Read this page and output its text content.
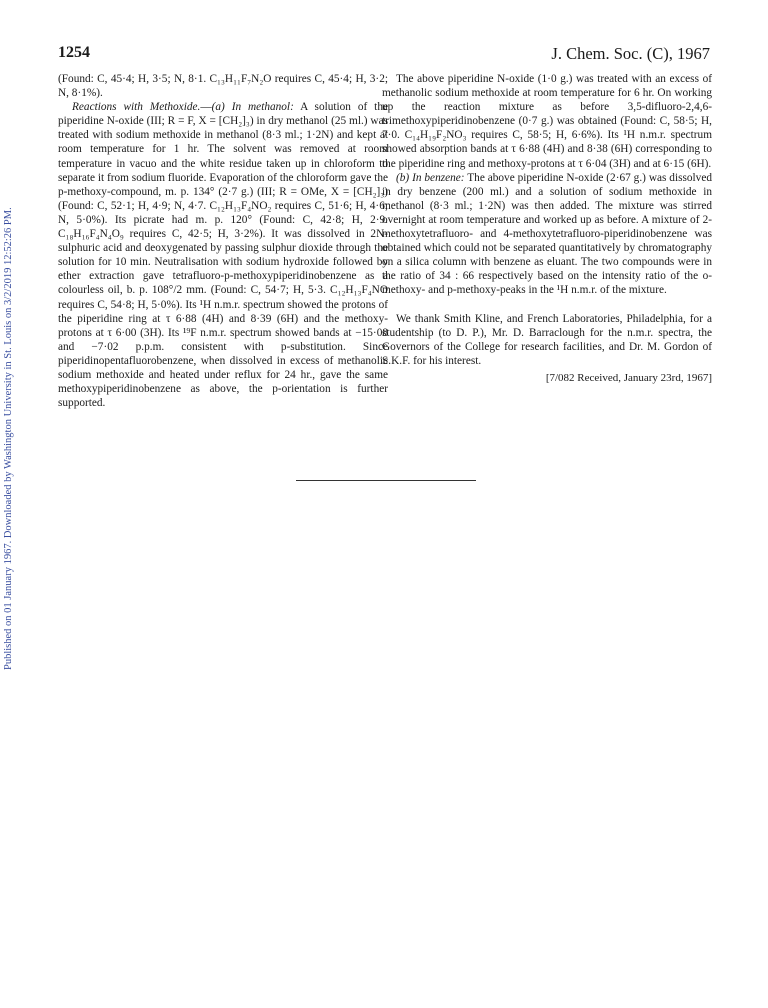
Published on 01 January 1967. Downloaded by Washington University in St. Louis on 3/2/2019 12:52:26 PM.
1254	J. Chem. Soc. (C), 1967

(Found: C, 45·4; H, 3·5; N, 8·1. C₁₃H₁₁F₇N₂O requires C, 45·4; H, 3·2; N, 8·1%).

Reactions with Methoxide.—(a) In methanol: A solution of the piperidine N-oxide (III; R = F, X = [CH₂]₃) in dry methanol (25 ml.) was treated with sodium methoxide in methanol (8·3 ml.; 1·2N) and kept at room temperature for 1 hr. The solvent was removed at room temperature in vacuo and the white residue taken up in chloroform to separate it from sodium fluoride. Evaporation of the chloroform gave the p-methoxy-compound, m. p. 134° (2·7 g.) (III; R = OMe, X = [CH₂]₃) (Found: C, 52·1; H, 4·9; N, 4·7. C₁₂H₁₃F₄NO₂ requires C, 51·6; H, 4·6; N, 5·0%). Its picrate had m. p. 120° (Found: C, 42·8; H, 2·9. C₁₈H₁₆F₄N₄O₉ requires C, 42·5; H, 3·2%). It was dissolved in 2N-sulphuric acid and deoxygenated by passing sulphur dioxide through the solution for 10 min. Neutralisation with sodium hydroxide followed by ether extraction gave tetrafluoro-p-methoxypiperidinobenzene as a colourless oil, b. p. 108°/2 mm. (Found: C, 54·7; H, 5·3. C₁₂H₁₃F₄NO requires C, 54·8; H, 5·0%). Its ¹H n.m.r. spectrum showed the protons of the piperidine ring at τ 6·88 (4H) and 8·39 (6H) and the methoxy-protons at τ 6·00 (3H). Its ¹⁹F n.m.r. spectrum showed bands at −15·08 and −7·02 p.p.m. consistent with p-substitution. Since piperidinopentafluorobenzene, when dissolved in excess of methanolic sodium methoxide and heated under reflux for 24 hr., gave the same methoxypiperidinobenzene as above, the p-orientation is further supported.

The above piperidine N-oxide (1·0 g.) was treated with an excess of methanolic sodium methoxide at room temperature for 6 hr. On working up the reaction mixture as before 3,5-difluoro-2,4,6-trimethoxypiperidinobenzene (0·7 g.) was obtained (Found: C, 58·5; H, 7·0. C₁₄H₁₉F₂NO₃ requires C, 58·5; H, 6·6%). Its ¹H n.m.r. spectrum showed absorption bands at τ 6·88 (4H) and 8·38 (6H) corresponding to the piperidine ring and methoxy-protons at τ 6·04 (3H) and at 6·15 (6H).

(b) In benzene: The above piperidine N-oxide (2·67 g.) was dissolved in dry benzene (200 ml.) and a solution of sodium methoxide in methanol (8·3 ml.; 1·2N) was then added. The mixture was stirred overnight at room temperature and worked up as before. A mixture of 2-methoxytetrafluoro- and 4-methoxytetrafluoro-piperidinobenzene was obtained which could not be separated quantitatively by chromatography on a silica column with benzene as eluant. The two compounds were in the ratio of 34 : 66 respectively based on the intensity ratio of the o-methoxy- and p-methoxy-peaks in the ¹H n.m.r. of the mixture.

We thank Smith Kline, and French Laboratories, Philadelphia, for a studentship (to D. P.), Mr. D. Barraclough for the n.m.r. spectra, the Governors of the College for research facilities, and Dr. M. Gordon of S.K.F. for his interest.

[7/082 Received, January 23rd, 1967]
